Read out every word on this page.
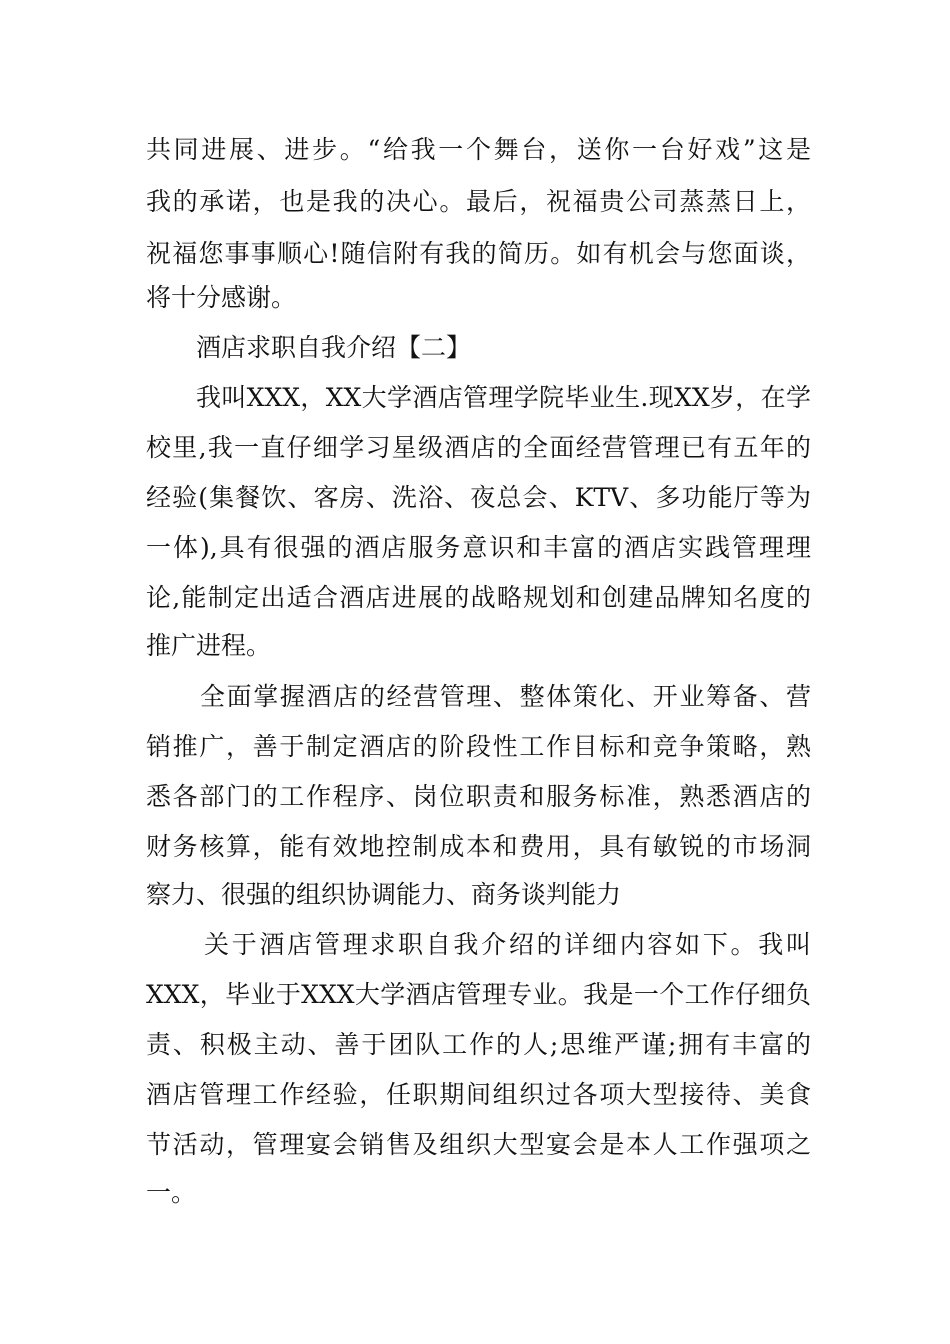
共同进展、进步。“给我一个舞台，送你一台好戏”这是
我的承诺，也是我的决心。最后，祝福贵公司蒸蒸日上，
祝福您事事顺心!随信附有我的简历。如有机会与您面谈，
将十分感谢。
酒店求职自我介绍【二】
我叫XXX，XX大学酒店管理学院毕业生.现XX岁，在学
校里,我一直仔细学习星级酒店的全面经营管理已有五年的
经验(集餐饮、客房、洗浴、夜总会、KTV、多功能厅等为
一体),具有很强的酒店服务意识和丰富的酒店实践管理理
论,能制定出适合酒店进展的战略规划和创建品牌知名度的
推广进程。
全面掌握酒店的经营管理、整体策化、开业筹备、营
销推广，善于制定酒店的阶段性工作目标和竞争策略，熟
悉各部门的工作程序、岗位职责和服务标准，熟悉酒店的
财务核算，能有效地控制成本和费用，具有敏锐的市场洞
察力、很强的组织协调能力、商务谈判能力
关于酒店管理求职自我介绍的详细内容如下。我叫
XXX，毕业于XXX大学酒店管理专业。我是一个工作仔细负
责、积极主动、善于团队工作的人;思维严谨;拥有丰富的
酒店管理工作经验，任职期间组织过各项大型接待、美食
节活动，管理宴会销售及组织大型宴会是本人工作强项之
一。
